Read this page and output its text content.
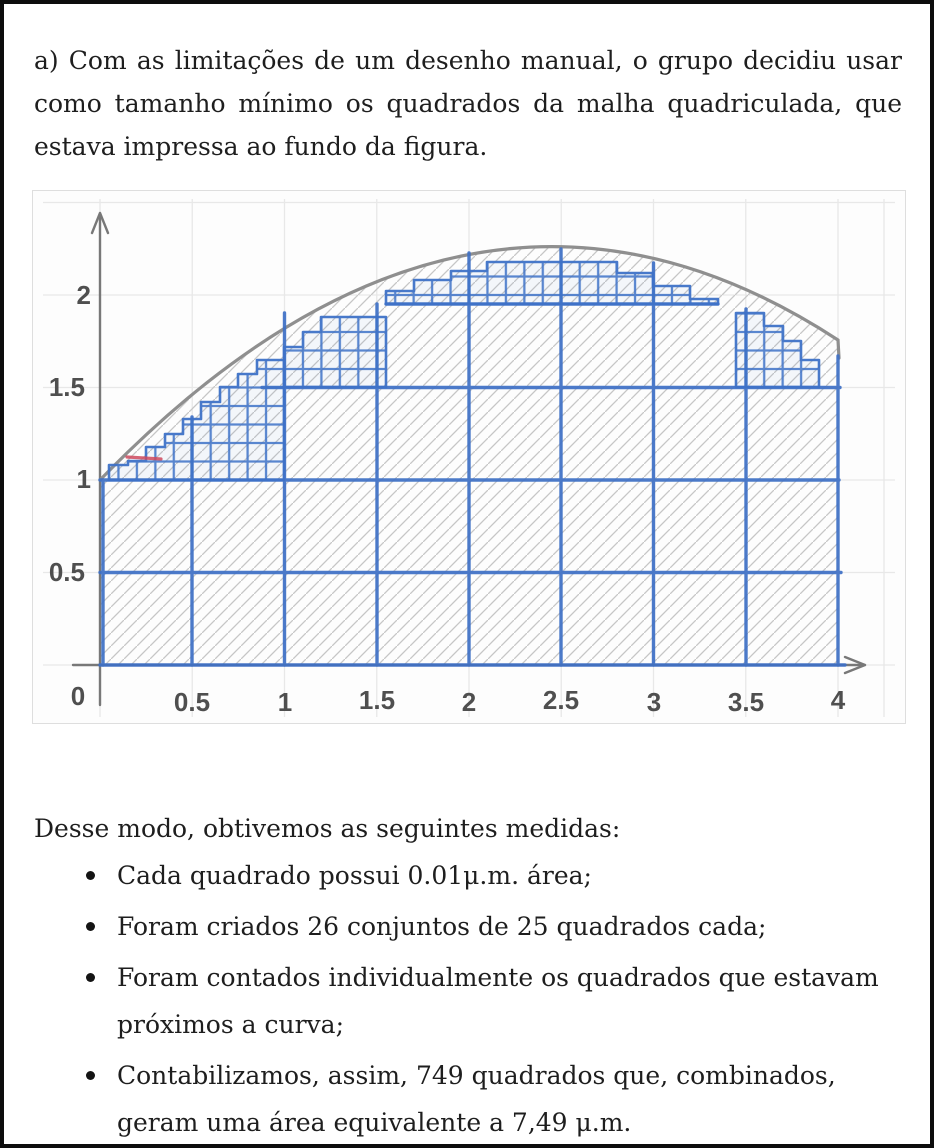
a) Com as limitações de um desenho manual, o grupo decidiu usar como tamanho mínimo os quadrados da malha quadriculada, que estava impressa ao fundo da figura.

2
1.5
1
0.5
0	0.5	1	1.5	2	2.5	3	3.5	4

Desse modo, obtivemos as seguintes medidas:

Cada quadrado possui 0.01μ.m. área;
Foram criados 26 conjuntos de 25 quadrados cada;
Foram contados individualmente os quadrados que estavam próximos a curva;
Contabilizamos, assim, 749 quadrados que, combinados, geram uma área equivalente a 7,49 μ.m.
